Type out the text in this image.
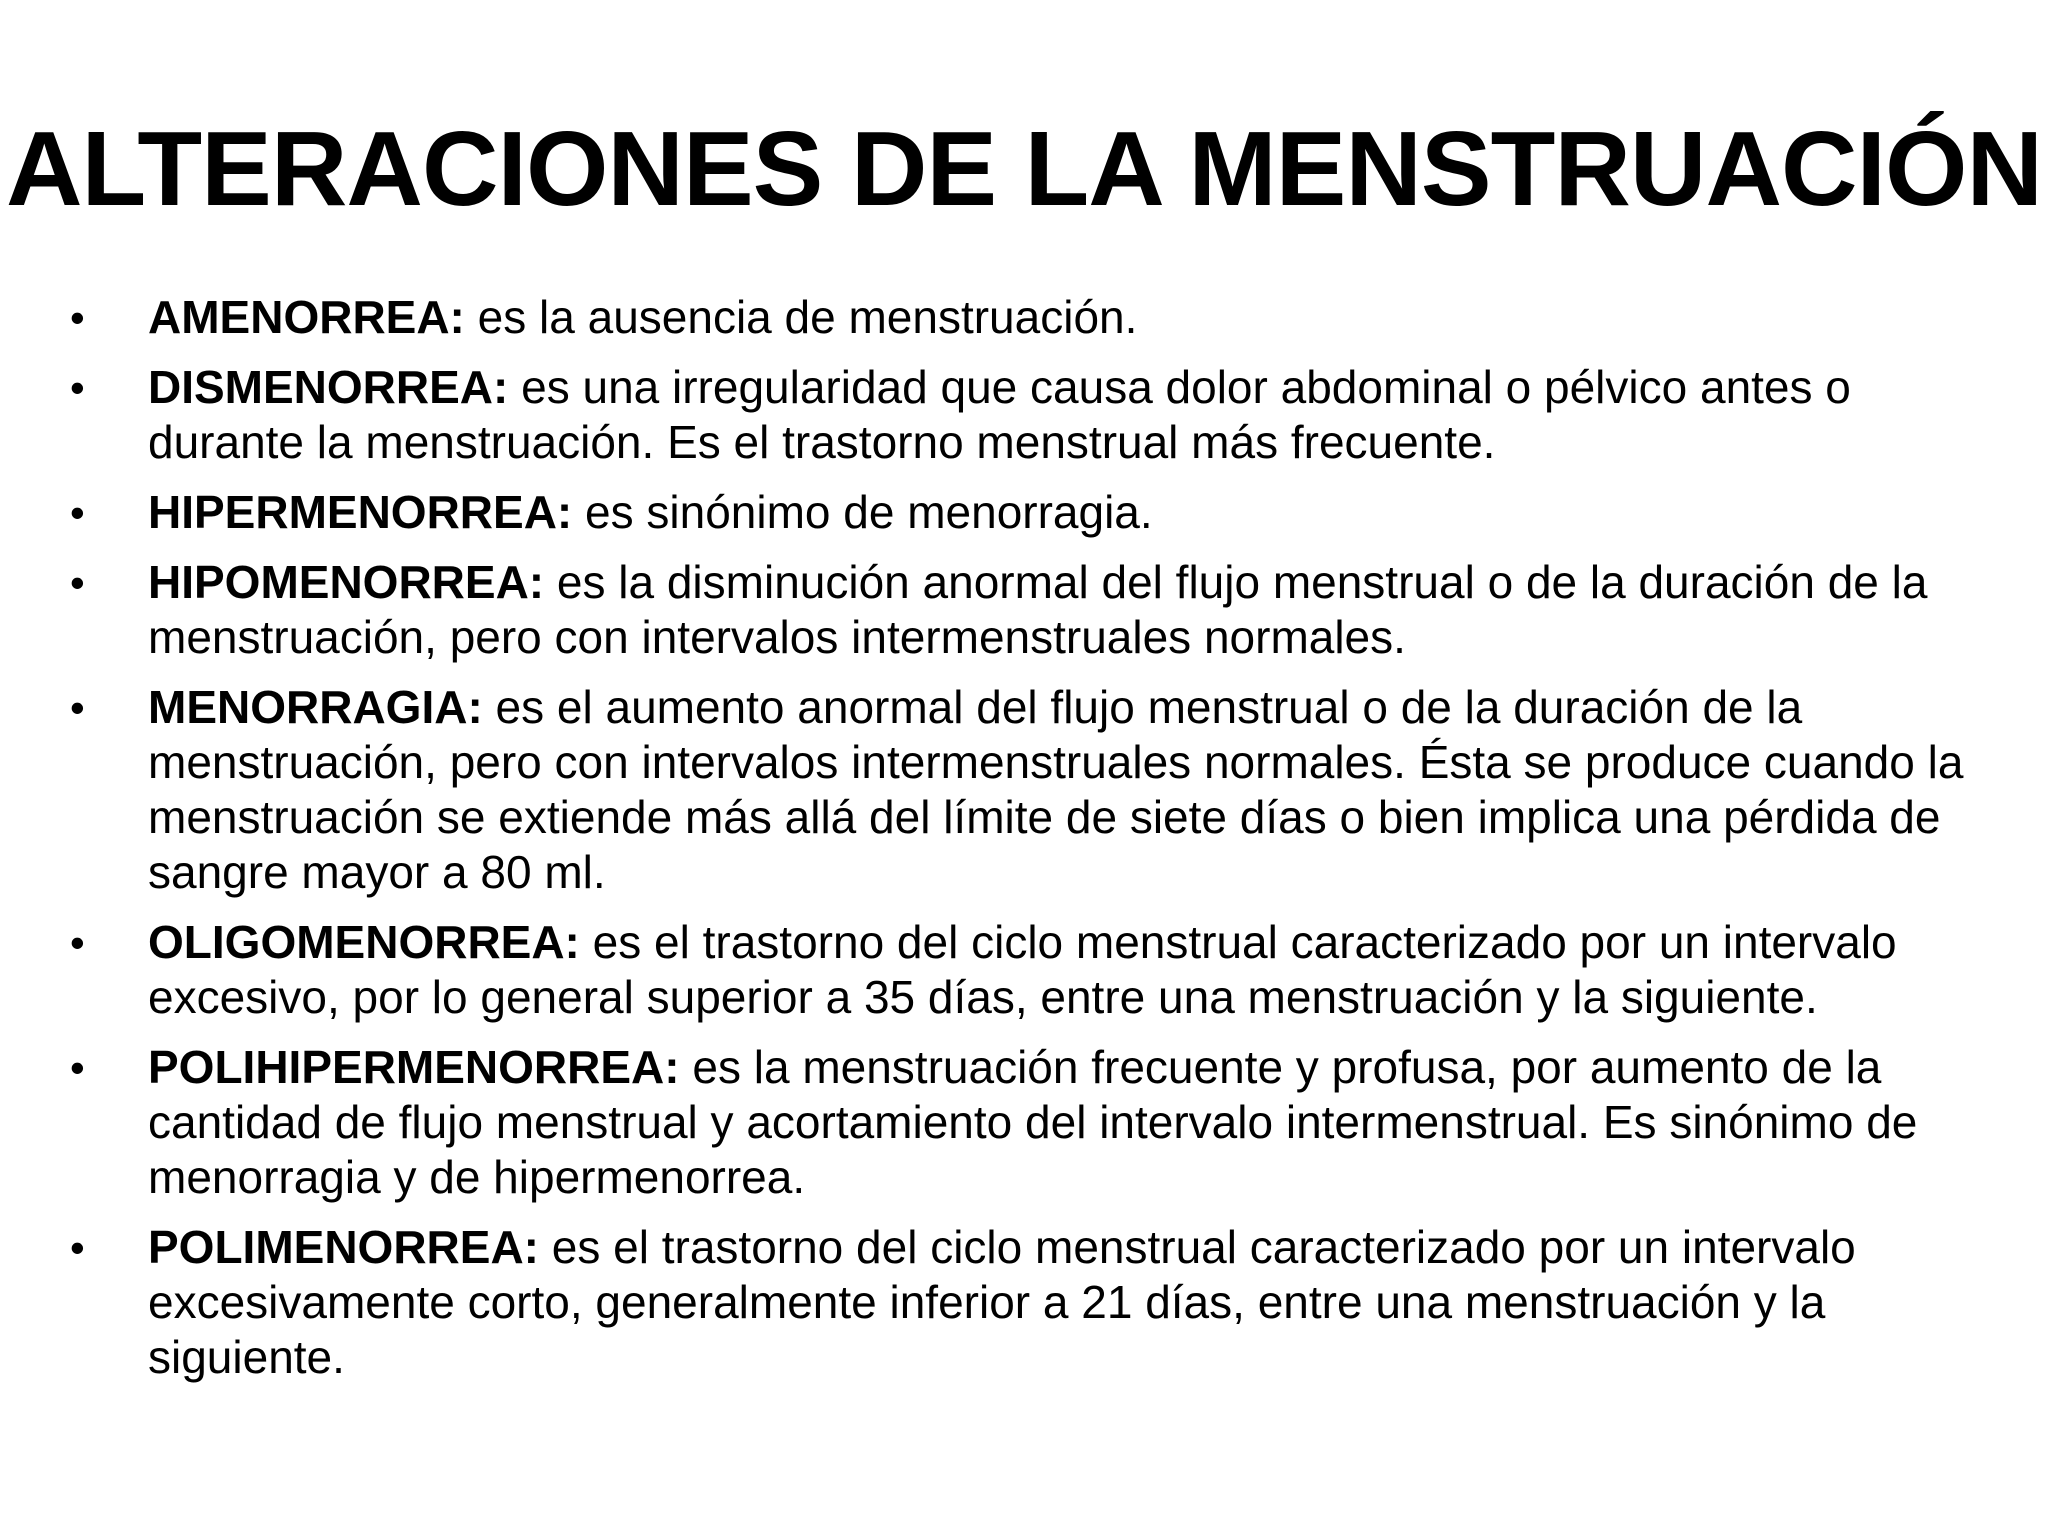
ALTERACIONES DE LA MENSTRUACIÓN
•	AMENORREA: es la ausencia de menstruación.
•	DISMENORREA: es una irregularidad que causa dolor abdominal o pélvico antes o durante la menstruación. Es el trastorno menstrual más frecuente.
•	HIPERMENORREA: es sinónimo de menorragia.
•	HIPOMENORREA: es la disminución anormal del flujo menstrual o de la duración de la menstruación, pero con intervalos intermenstruales normales.
•	MENORRAGIA: es el aumento anormal del flujo menstrual o de la duración de la menstruación, pero con intervalos intermenstruales normales. Ésta se produce cuando la menstruación se extiende más allá del límite de siete días o bien implica una pérdida de sangre mayor a 80 ml.
•	OLIGOMENORREA: es el trastorno del ciclo menstrual caracterizado por un intervalo excesivo, por lo general superior a 35 días, entre una menstruación y la siguiente.
•	POLIHIPERMENORREA: es la menstruación frecuente y profusa, por aumento de la cantidad de flujo menstrual y acortamiento del intervalo intermenstrual. Es sinónimo de menorragia y de hipermenorrea.
•	POLIMENORREA: es el trastorno del ciclo menstrual caracterizado por un intervalo excesivamente corto, generalmente inferior a 21 días, entre una menstruación y la siguiente.
